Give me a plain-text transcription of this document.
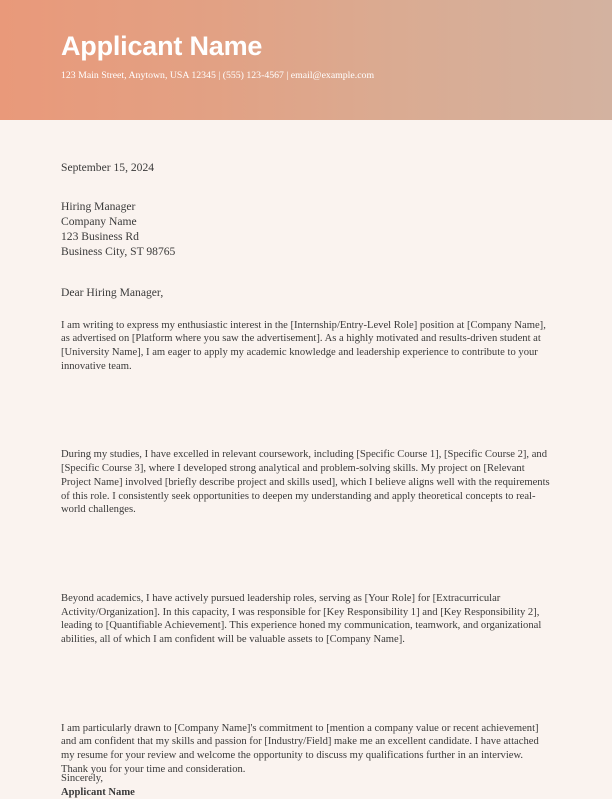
Applicant Name
123 Main Street, Anytown, USA 12345 | (555) 123-4567 | email@example.com
September 15, 2024
Hiring Manager
Company Name
123 Business Rd
Business City, ST 98765
Dear Hiring Manager,

I am writing to express my enthusiastic interest in the [Internship/Entry-Level Role] position at [Company Name], as advertised on [Platform where you saw the advertisement]. As a highly motivated and results-driven student at [University Name], I am eager to apply my academic knowledge and leadership experience to contribute to your innovative team.

During my studies, I have excelled in relevant coursework, including [Specific Course 1], [Specific Course 2], and [Specific Course 3], where I developed strong analytical and problem-solving skills. My project on [Relevant Project Name] involved [briefly describe project and skills used], which I believe aligns well with the requirements of this role. I consistently seek opportunities to deepen my understanding and apply theoretical concepts to real-world challenges.

Beyond academics, I have actively pursued leadership roles, serving as [Your Role] for [Extracurricular Activity/Organization]. In this capacity, I was responsible for [Key Responsibility 1] and [Key Responsibility 2], leading to [Quantifiable Achievement]. This experience honed my communication, teamwork, and organizational abilities, all of which I am confident will be valuable assets to [Company Name].

I am particularly drawn to [Company Name]'s commitment to [mention a company value or recent achievement] and am confident that my skills and passion for [Industry/Field] make me an excellent candidate. I have attached my resume for your review and welcome the opportunity to discuss my qualifications further in an interview. Thank you for your time and consideration.

Sincerely,
Applicant Name
